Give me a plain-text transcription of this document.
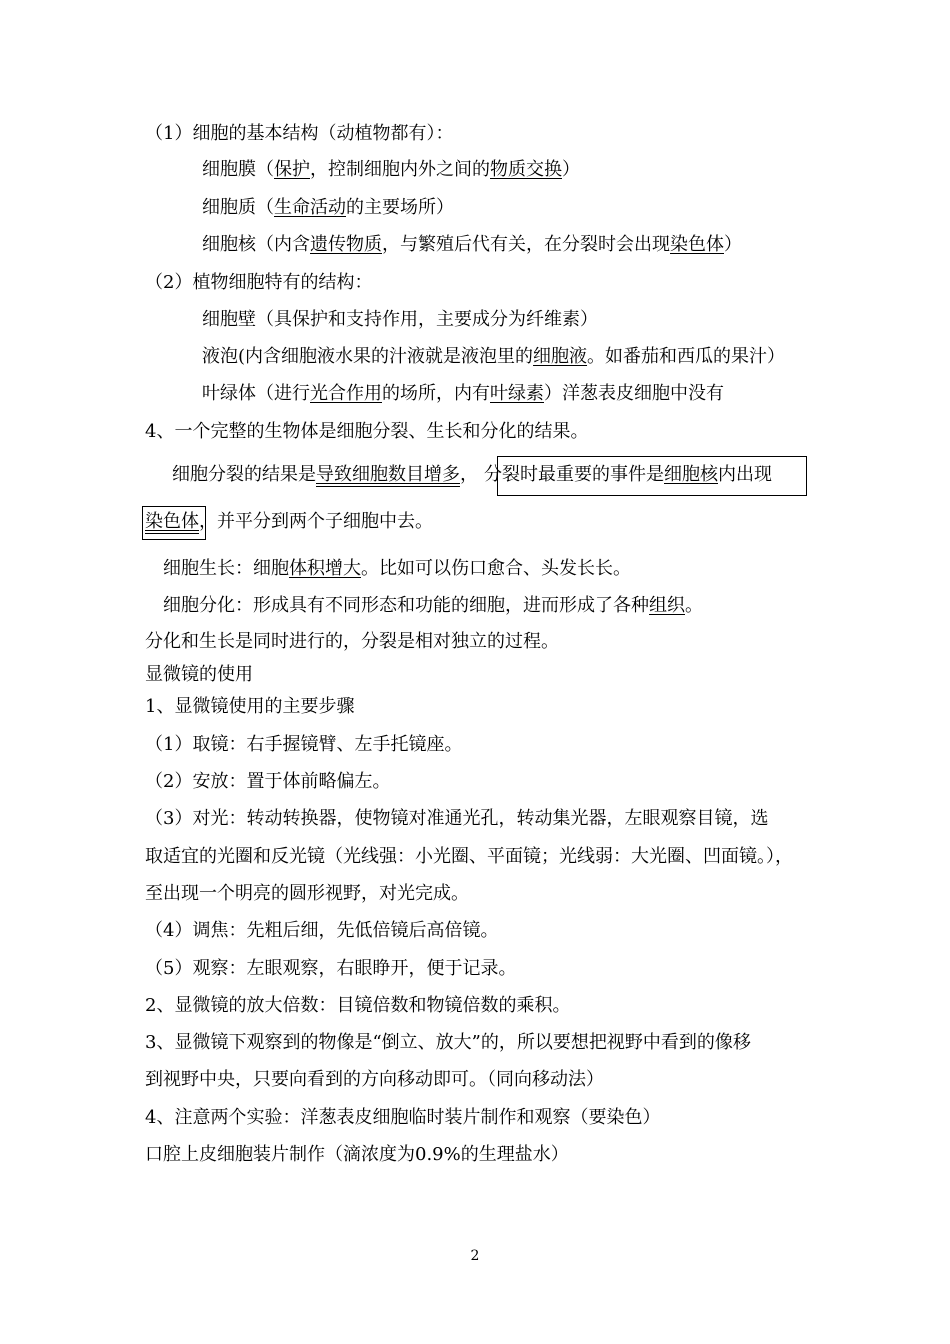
（1）细胞的基本结构（动植物都有）：
细胞膜（保护，控制细胞内外之间的物质交换）
细胞质（生命活动的主要场所）
细胞核（内含遗传物质，与繁殖后代有关，在分裂时会出现染色体）
（2）植物细胞特有的结构：
细胞壁（具保护和支持作用，主要成分为纤维素）
液泡(内含细胞液水果的汁液就是液泡里的细胞液。如番茄和西瓜的果汁）
叶绿体（进行光合作用的场所，内有叶绿素）洋葱表皮细胞中没有
4、一个完整的生物体是细胞分裂、生长和分化的结果。
细胞分裂的结果是导致细胞数目增多， 分裂时最重要的事件是细胞核内出现
染色体，并平分到两个子细胞中去。
细胞生长：细胞体积增大。比如可以伤口愈合、头发长长。
细胞分化：形成具有不同形态和功能的细胞，进而形成了各种组织。
分化和生长是同时进行的，分裂是相对独立的过程。
显微镜的使用
1、显微镜使用的主要步骤
（1）取镜：右手握镜臂、左手托镜座。
（2）安放：置于体前略偏左。
（3）对光：转动转换器，使物镜对准通光孔，转动集光器，左眼观察目镜，选
取适宜的光圈和反光镜（光线强：小光圈、平面镜；光线弱：大光圈、凹面镜。），
至出现一个明亮的圆形视野，对光完成。
（4）调焦：先粗后细，先低倍镜后高倍镜。
（5）观察：左眼观察，右眼睁开，便于记录。
2、显微镜的放大倍数：目镜倍数和物镜倍数的乘积。
3、显微镜下观察到的物像是“倒立、放大”的，所以要想把视野中看到的像移
到视野中央，只要向看到的方向移动即可。（同向移动法）
4、注意两个实验：洋葱表皮细胞临时装片制作和观察（要染色）
口腔上皮细胞装片制作（滴浓度为0.9%的生理盐水）
2
